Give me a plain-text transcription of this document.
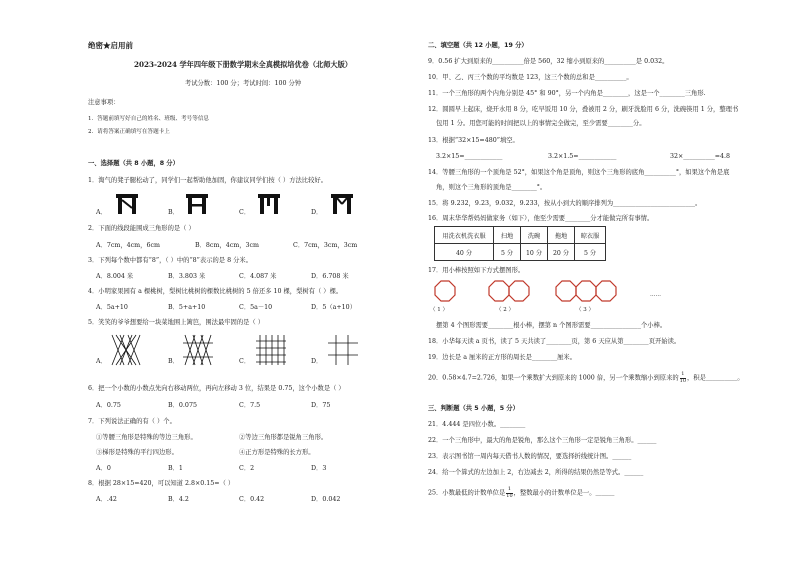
绝密★启用前
2023-2024 学年四年级下册数学期末全真模拟培优卷（北师大版）
考试分数：100 分；考试时间：100 分钟
注意事项：
1．答题前填写好自己的姓名、班级、考号等信息
2．请将答案正确填写在答题卡上
一、选择题（共 8 小题，8 分）
1．淘气的凳子腿松动了，同学们一起帮助他加固，你建议同学们按（ ）方法比较好。
A．	B．	C．	D．
2．下面的线段能围成三角形的是（ ）
A．7cm，4cm，6cm	B．8cm，4cm，3cm	C．7cm，3cm，3cm
3．下列每个数中都有“8”，（ ）中的“8”表示的是 8 分米。
A．8.004 米	B．3.803 米	C．4.087 米	D．6.708 米
4．小明家果园有 a 棵桃树，梨树比桃树的棵数比桃树的 5 倍还多 10 棵，梨树有（ ）棵。
A．5a+10	B．5+a+10	C．5a－10	D．5（a+10）
5．笑笑的爷爷想要给一块菜地围上篱笆，围法最牢固的是（ ）
A．	B．	C．	D．
6．把一个小数的小数点先向右移动两位，再向左移动 3 位，结果是 0.75，这个小数是（ ）
A．0.75	B．0.075	C．7.5	D．75
7．下列说法正确的有（ ）个。
①等腰三角形是特殊的等边三角形。	②等边三角形都是锐角三角形。
③梯形是特殊的平行四边形。	④正方形是特殊的长方形。
A．0	B．1	C．2	D．3
8．根据 28×15=420，可以知道 2.8×0.15=（ ）
A．.42	B．4.2	C．0.42	D．0.042
二、填空题（共 12 小题，19 分）
9．0.56 扩大到原来的__________倍是 560，32 缩小到原来的__________是 0.032。
10．甲、乙、丙三个数的平均数是 123，这三个数的总和是__________。
11．一个三角形的两个内角分别是 45° 和 90°，另一个内角是________，这是一个________三角形.
12．圆圆早上起床，烧开水用 8 分，吃早饭用 10 分，叠被用 2 分，刷牙洗脸用 6 分，洗碗筷用 1 分，整理书
包用 1 分。用您可能的时间把以上的事情完全做完，至少需要________分。
13．根据“32×15=480”填空。
3.2×15=____________	3.2×1.5=____________	32×__________=4.8
14．等腰三角形的一个顶角是 52°，如果这个角是顶角，则这个三角形的底角__________°，如果这个角是底
角，则这个三角形的顶角是________°。
15．将 9.232，9.23，9.032，9.233，按从小到大的顺序排列为__________________________。
16．周末华华帮妈妈做家务（如下），他至少需要________分才能做完所有事情。
用洗衣机洗衣服	扫地	洗碗	拖地	晾衣服
40 分	5 分	10 分	20 分	5 分
17．用小棒按照如下方式摆图形。
（ 1 ）	（ 2 ）	（ 3 ）
……
摆第 4 个图形需要________根小棒，摆第 n 个图形需要________________个小棒。
18．小华每天读 a 页书，读了 5 天共读了________页，第 6 天应从第________页开始读。
19．边长是 a 厘米的正方形的周长是________厘米。
20．0.58×4.7=2.726，如果一个乘数扩大到原来的 1000 倍，另一个乘数缩小到原来的 $\frac{1}{10}$ ，积是__________。
三、判断题（共 5 小题，5 分）
21．4.444 是四位小数。________
22．一个三角形中，最大的角是锐角，那么这个三角形一定是锐角三角形。______
23．表示图书馆一周内每天借书人数的情况，要选择折线统计图。______
24．给一个算式的左边加上 2，右边减去 2，所得的结果仍然是等式。______
25．小数最低的计数单位是 $\frac{1}{10}$ ，整数最小的计数单位是一。______
